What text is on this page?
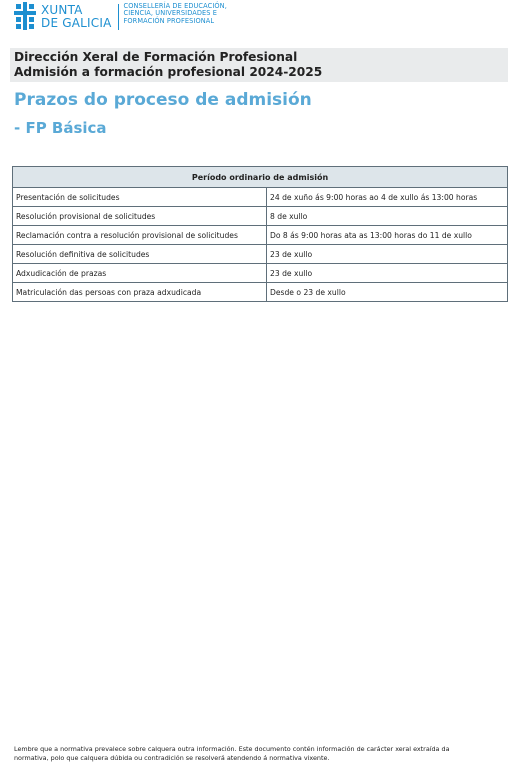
XUNTA
DE GALICIA
CONSELLERÍA DE EDUCACIÓN,
CIENCIA, UNIVERSIDADES E
FORMACIÓN PROFESIONAL
Dirección Xeral de Formación Profesional
Admisión a formación profesional 2024-2025
Prazos do proceso de admisión
- FP Básica
Período ordinario de admisión	
Presentación de solicitudes	24 de xuño ás 9:00 horas ao 4 de xullo ás 13:00 horas
Resolución provisional de solicitudes	8 de xullo
Reclamación contra a resolución provisional de solicitudes	Do 8 ás 9:00 horas ata as 13:00 horas do 11 de xullo
Resolución definitiva de solicitudes	23 de xullo
Adxudicación de prazas	23 de xullo
Matriculación das persoas con praza adxudicada	Desde o 23 de xullo
Lembre que a normativa prevalece sobre calquera outra información. Este documento contén información de carácter xeral extraída da
normativa, polo que calquera dúbida ou contradición se resolverá atendendo á normativa vixente.
